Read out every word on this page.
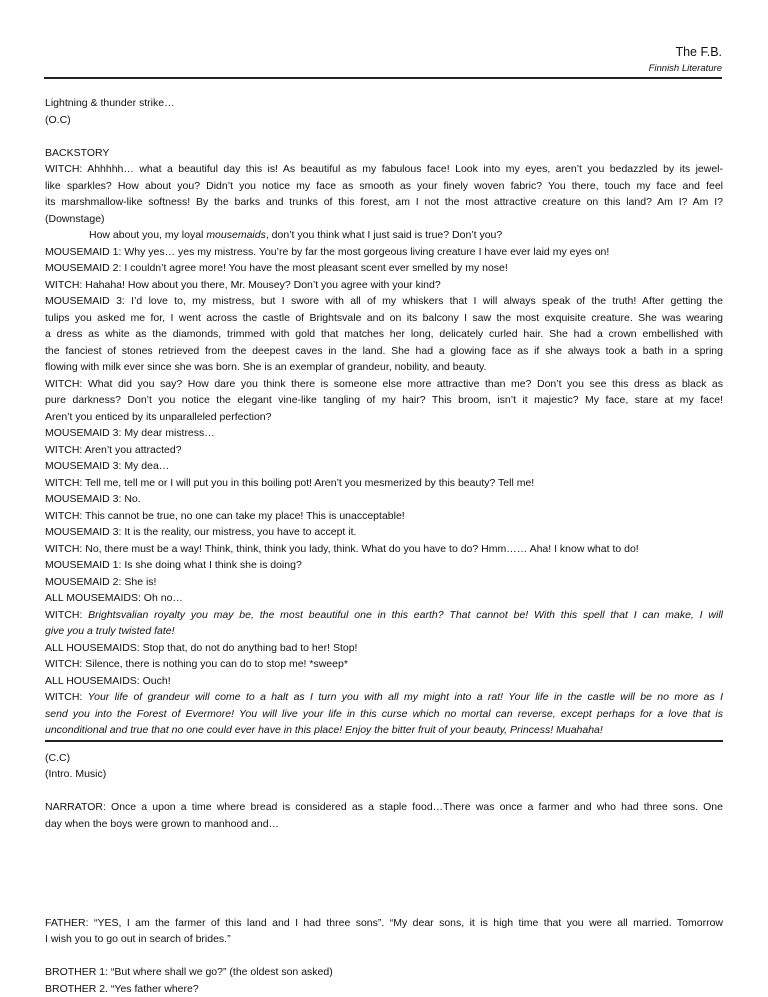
The F.B.
Finnish Literature
Lightning & thunder strike…
(O.C)
BACKSTORY
WITCH: Ahhhhh… what a beautiful day this is! As beautiful as my fabulous face! Look into my eyes, aren’t you bedazzled by its jewel-
like sparkles? How about you? Didn’t you notice my face as smooth as your finely woven fabric? You there, touch my face and feel
its marshmallow-like softness! By the barks and trunks of this forest, am I not the most attractive creature on this land? Am I? Am I?
(Downstage)
How about you, my loyal mousemaids, don’t you think what I just said is true? Don’t you?
MOUSEMAID 1: Why yes… yes my mistress. You’re by far the most gorgeous living creature I have ever laid my eyes on!
MOUSEMAID 2: I couldn’t agree more! You have the most pleasant scent ever smelled by my nose!
WITCH: Hahaha! How about you there, Mr. Mousey? Don’t you agree with your kind?
MOUSEMAID 3: I’d love to, my mistress, but I swore with all of my whiskers that I will always speak of the truth! After getting the
tulips you asked me for, I went across the castle of Brightsvale and on its balcony I saw the most exquisite creature. She was wearing
a dress as white as the diamonds, trimmed with gold that matches her long, delicately curled hair. She had a crown embellished with
the fanciest of stones retrieved from the deepest caves in the land. She had a glowing face as if she always took a bath in a spring
flowing with milk ever since she was born. She is an exemplar of grandeur, nobility, and beauty.
WITCH: What did you say? How dare you think there is someone else more attractive than me? Don’t you see this dress as black as
pure darkness? Don’t you notice the elegant vine-like tangling of my hair? This broom, isn’t it majestic? My face, stare at my face!
Aren’t you enticed by its unparalleled perfection?
MOUSEMAID 3: My dear mistress…
WITCH: Aren’t you attracted?
MOUSEMAID 3: My dea…
WITCH: Tell me, tell me or I will put you in this boiling pot! Aren’t you mesmerized by this beauty? Tell me!
MOUSEMAID 3: No.
WITCH: This cannot be true, no one can take my place! This is unacceptable!
MOUSEMAID 3: It is the reality, our mistress, you have to accept it.
WITCH: No, there must be a way! Think, think, think you lady, think. What do you have to do? Hmm…… Aha! I know what to do!
MOUSEMAID 1: Is she doing what I think she is doing?
MOUSEMAID 2: She is!
ALL MOUSEMAIDS: Oh no…
WITCH: Brightsvalian royalty you may be, the most beautiful one in this earth? That cannot be! With this spell that I can make, I will
give you a truly twisted fate!
ALL HOUSEMAIDS: Stop that, do not do anything bad to her! Stop!
WITCH: Silence, there is nothing you can do to stop me! *sweep*
ALL HOUSEMAIDS: Ouch!
WITCH: Your life of grandeur will come to a halt as I turn you with all my might into a rat! Your life in the castle will be no more as I
send you into the Forest of Evermore! You will live your life in this curse which no mortal can reverse, except perhaps for a love that is
unconditional and true that no one could ever have in this place! Enjoy the bitter fruit of your beauty, Princess! Muahaha!
(C.C)
(Intro. Music)
NARRATOR: Once a upon a time where bread is considered as a staple food…There was once a farmer and who had three sons. One
day when the boys were grown to manhood and…
FATHER: “YES, I am the farmer of this land and I had three sons”. “My dear sons, it is high time that you were all married. Tomorrow
I wish you to go out in search of brides.”
BROTHER 1: “But where shall we go?” (the oldest son asked)
BROTHER 2. “Yes father where?
